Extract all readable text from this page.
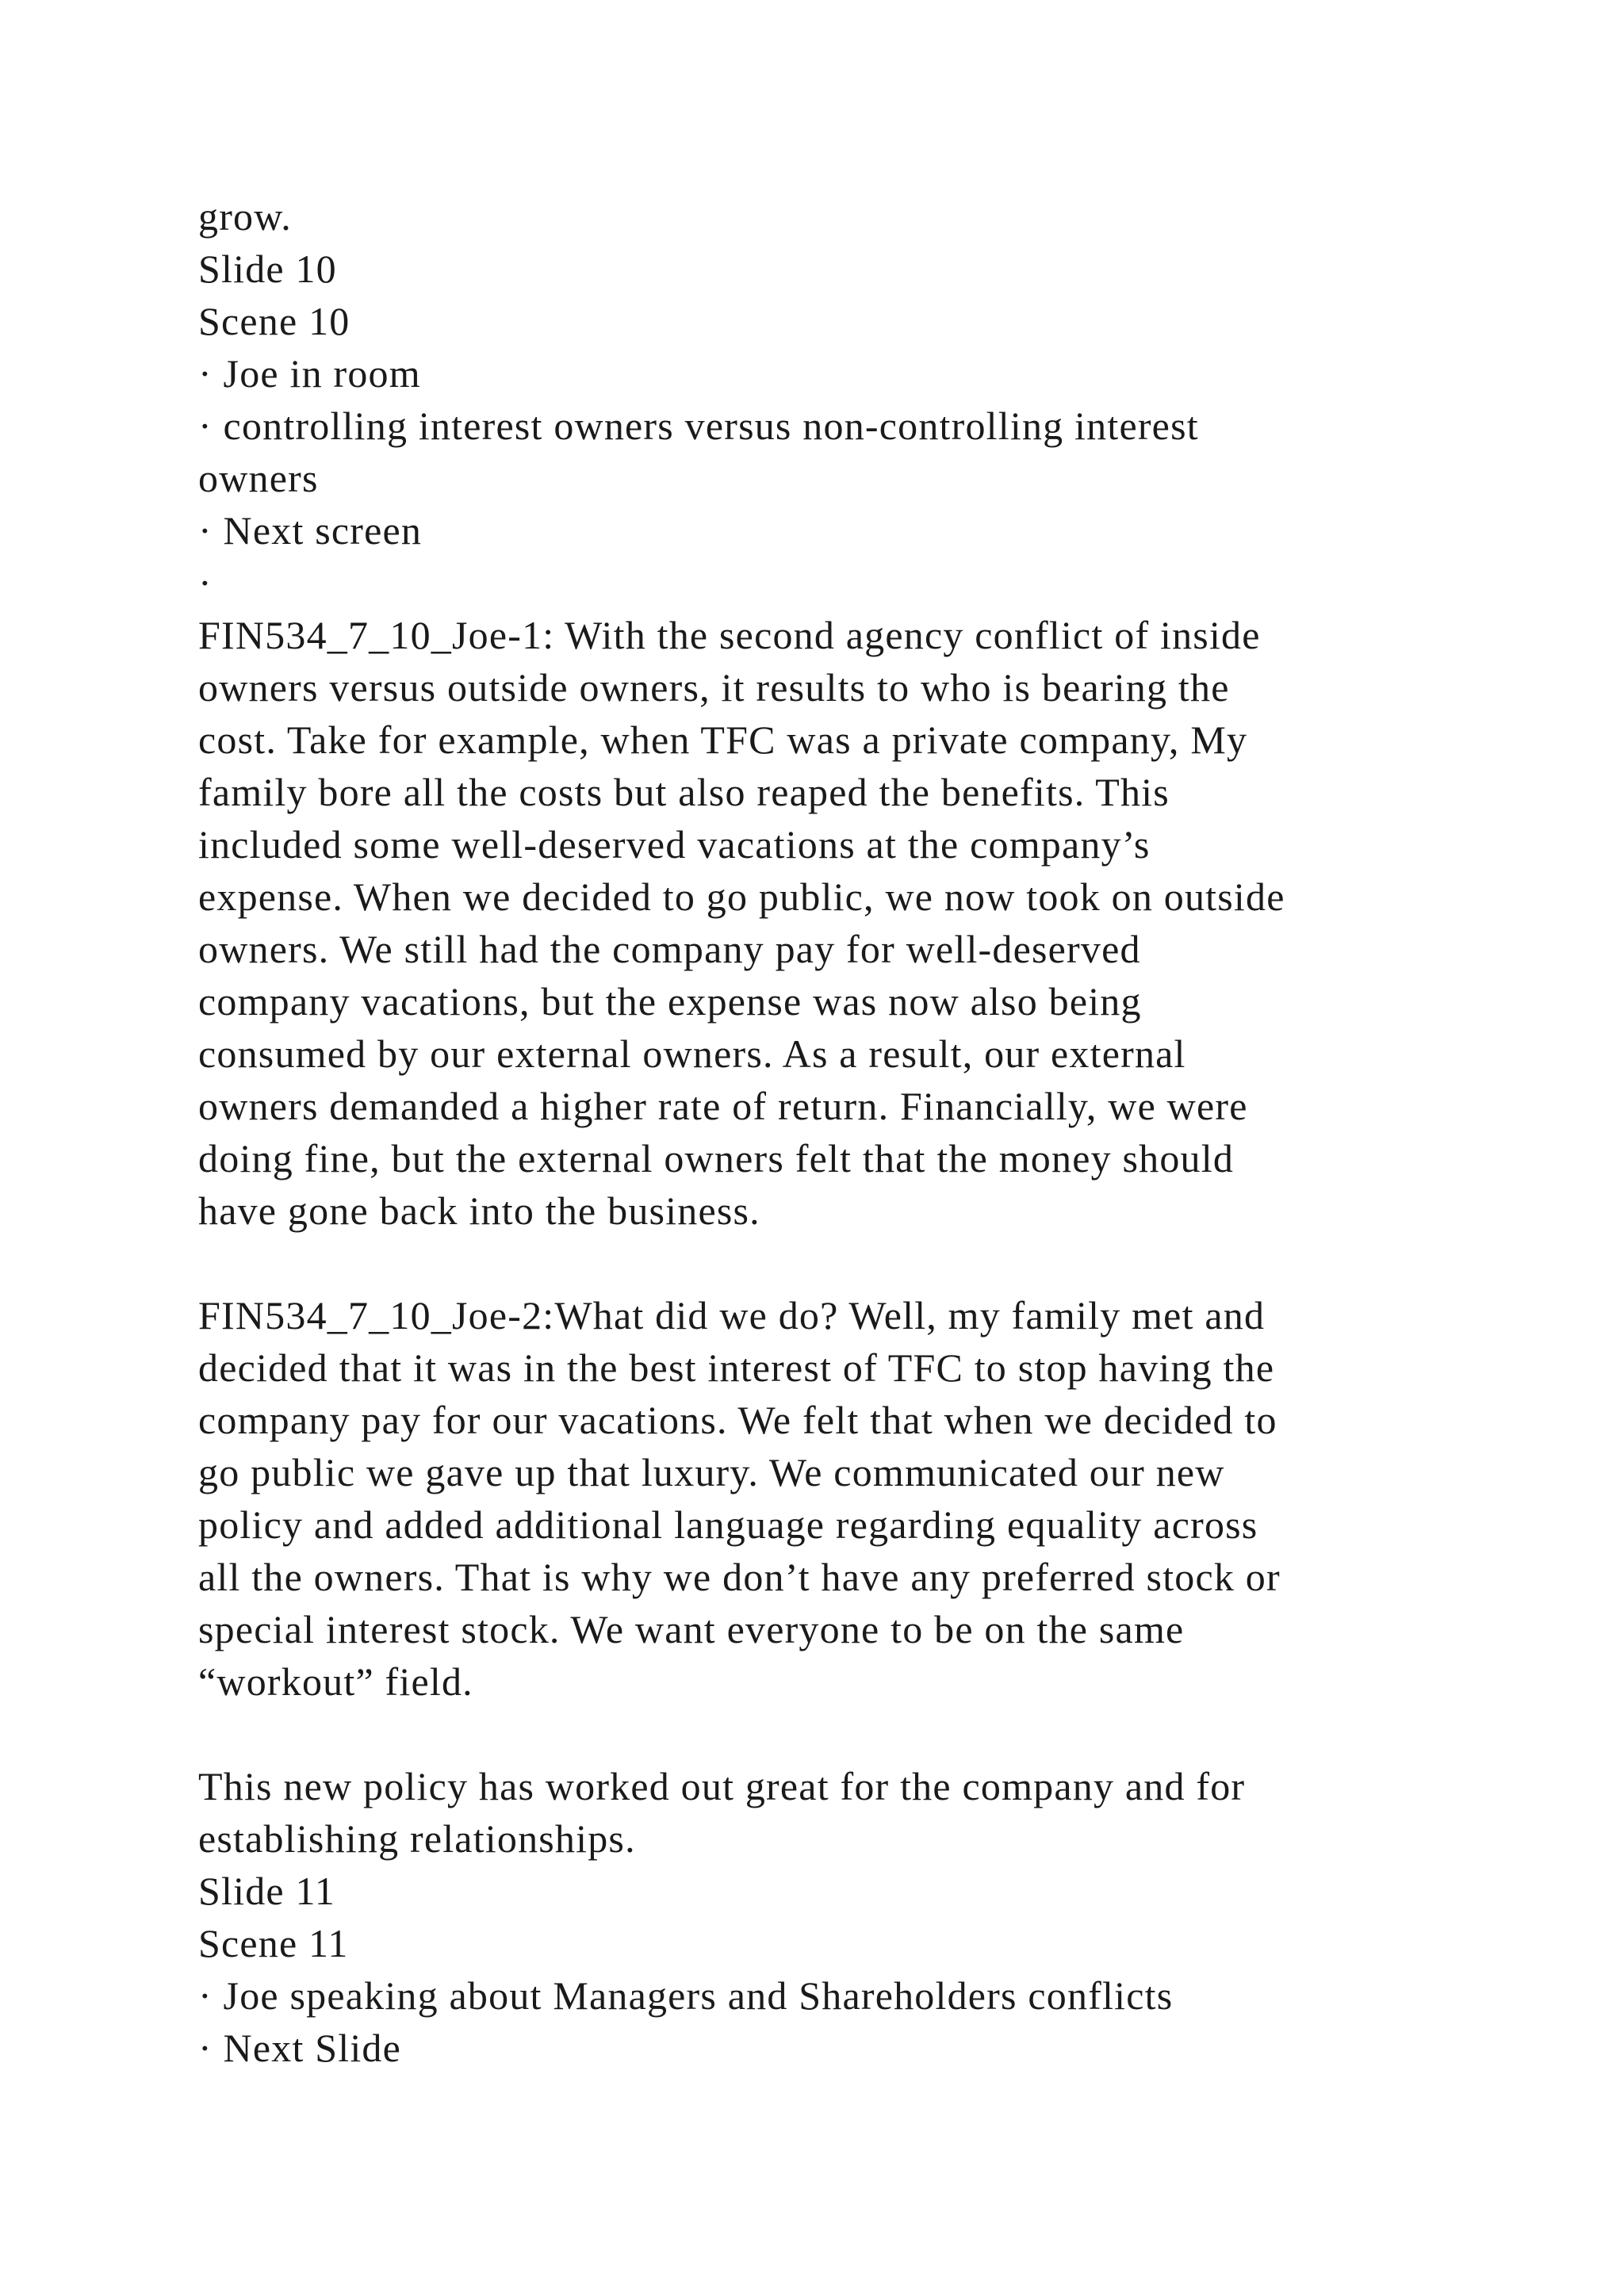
grow.
Slide 10
Scene 10
· Joe in room
· controlling interest owners versus non-controlling interest
owners
· Next screen
·
FIN534_7_10_Joe-1: With the second agency conflict of inside
owners versus outside owners, it results to who is bearing the
cost. Take for example, when TFC was a private company, My
family bore all the costs but also reaped the benefits. This
included some well-deserved vacations at the company’s
expense. When we decided to go public, we now took on outside
owners. We still had the company pay for well-deserved
company vacations, but the expense was now also being
consumed by our external owners. As a result, our external
owners demanded a higher rate of return. Financially, we were
doing fine, but the external owners felt that the money should
have gone back into the business.
FIN534_7_10_Joe-2:What did we do? Well, my family met and
decided that it was in the best interest of TFC to stop having the
company pay for our vacations. We felt that when we decided to
go public we gave up that luxury. We communicated our new
policy and added additional language regarding equality across
all the owners. That is why we don’t have any preferred stock or
special interest stock. We want everyone to be on the same
“workout” field.
This new policy has worked out great for the company and for
establishing relationships.
Slide 11
Scene 11
· Joe speaking about Managers and Shareholders conflicts
· Next Slide
